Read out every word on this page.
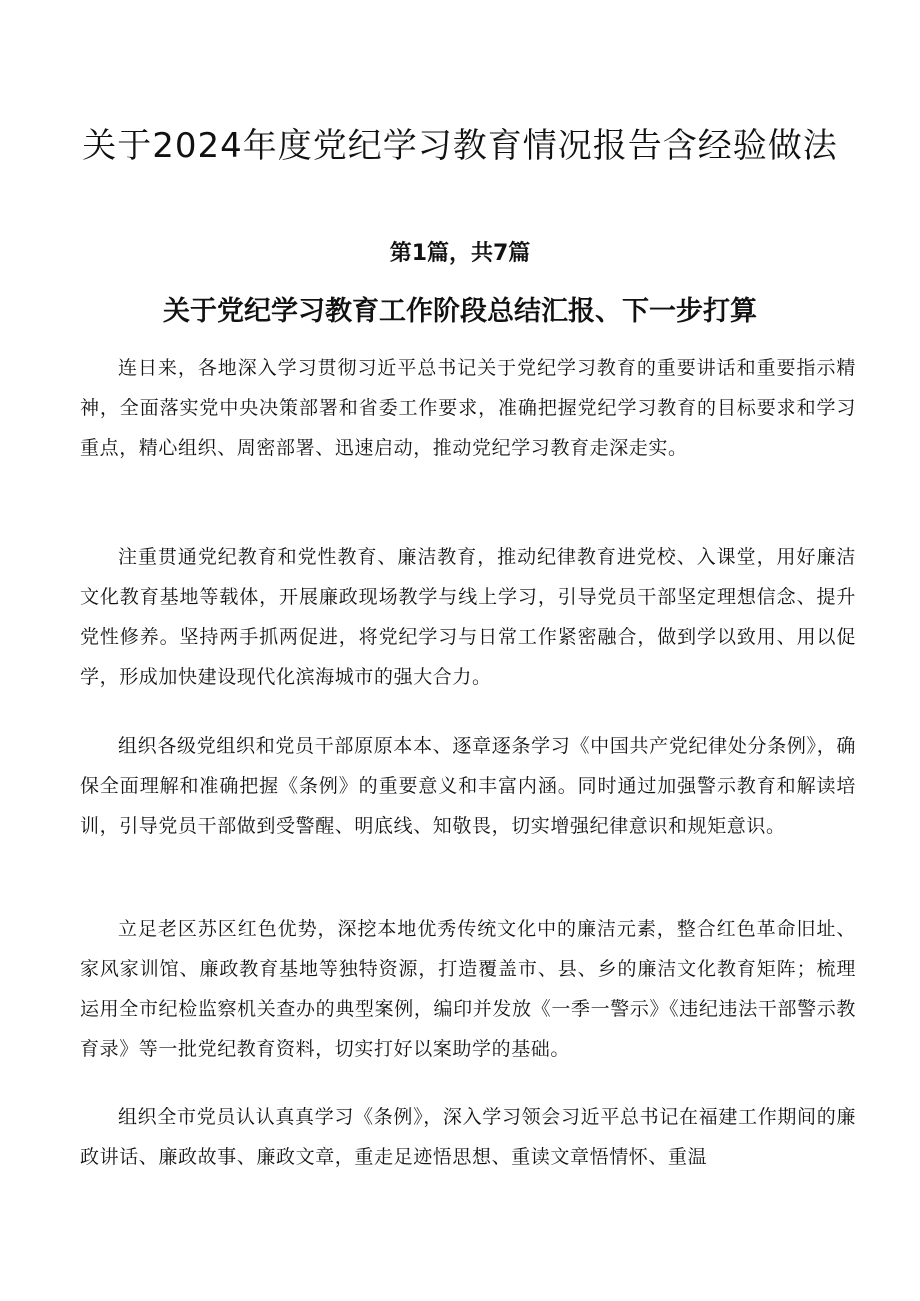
关于2024年度党纪学习教育情况报告含经验做法
第1篇，共7篇
关于党纪学习教育工作阶段总结汇报、下一步打算

连日来，各地深入学习贯彻习近平总书记关于党纪学习教育的重要讲话和重要指示精神，全面落实党中央决策部署和省委工作要求，准确把握党纪学习教育的目标要求和学习重点，精心组织、周密部署、迅速启动，推动党纪学习教育走深走实。

注重贯通党纪教育和党性教育、廉洁教育，推动纪律教育进党校、入课堂，用好廉洁文化教育基地等载体，开展廉政现场教学与线上学习，引导党员干部坚定理想信念、提升党性修养。坚持两手抓两促进，将党纪学习与日常工作紧密融合，做到学以致用、用以促学，形成加快建设现代化滨海城市的强大合力。

组织各级党组织和党员干部原原本本、逐章逐条学习《中国共产党纪律处分条例》，确保全面理解和准确把握《条例》的重要意义和丰富内涵。同时通过加强警示教育和解读培训，引导党员干部做到受警醒、明底线、知敬畏，切实增强纪律意识和规矩意识。

立足老区苏区红色优势，深挖本地优秀传统文化中的廉洁元素，整合红色革命旧址、家风家训馆、廉政教育基地等独特资源，打造覆盖市、县、乡的廉洁文化教育矩阵；梳理运用全市纪检监察机关查办的典型案例，编印并发放《一季一警示》《违纪违法干部警示教育录》等一批党纪教育资料，切实打好以案助学的基础。

组织全市党员认认真真学习《条例》，深入学习领会习近平总书记在福建工作期间的廉政讲话、廉政故事、廉政文章，重走足迹悟思想、重读文章悟情怀、重温
